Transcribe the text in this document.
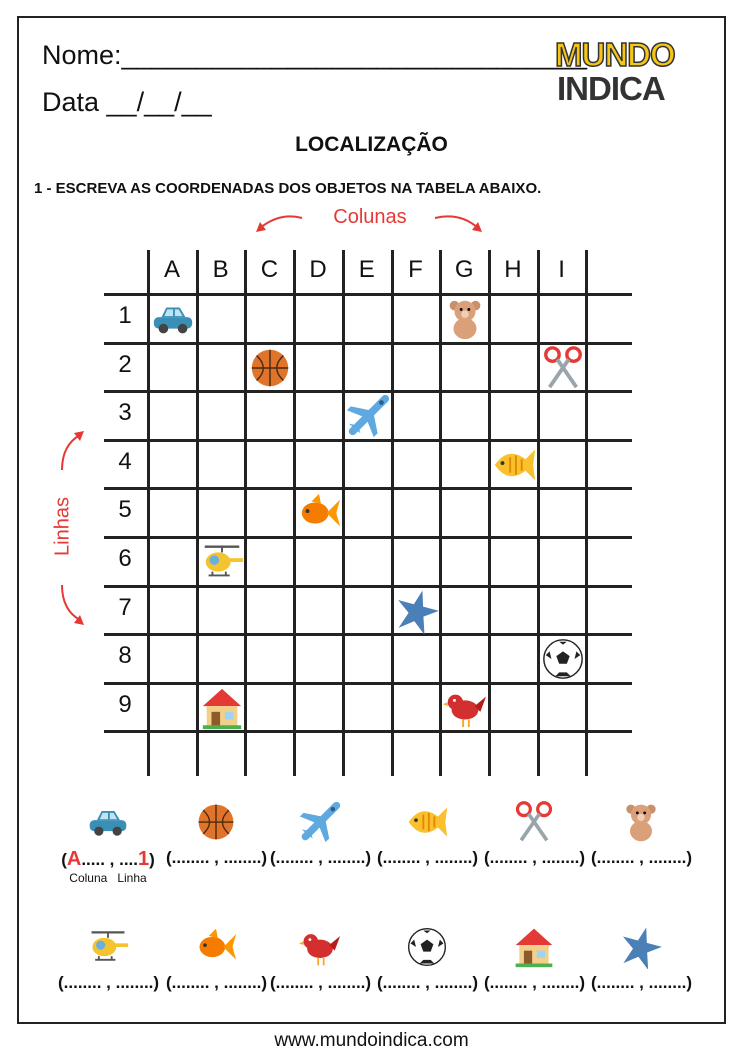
Nome:_______________________________
Data __/__/__
MUNDO
INDICA
LOCALIZAÇÃO
1 - ESCREVA AS COORDENADAS DOS OBJETOS NA TABELA ABAIXO.
Colunas
Linhas
A	B	C	D	E	F	G	H	I
1
2
3
4
5
6
7
8
9
(A..... , ....1)
Coluna Linha
(........ , ........) (........ , ........) (........ , ........) (........ , ........) (........ , ........)
(........ , ........) (........ , ........) (........ , ........) (........ , ........) (........ , ........) (........ , ........)
www.mundoindica.com
